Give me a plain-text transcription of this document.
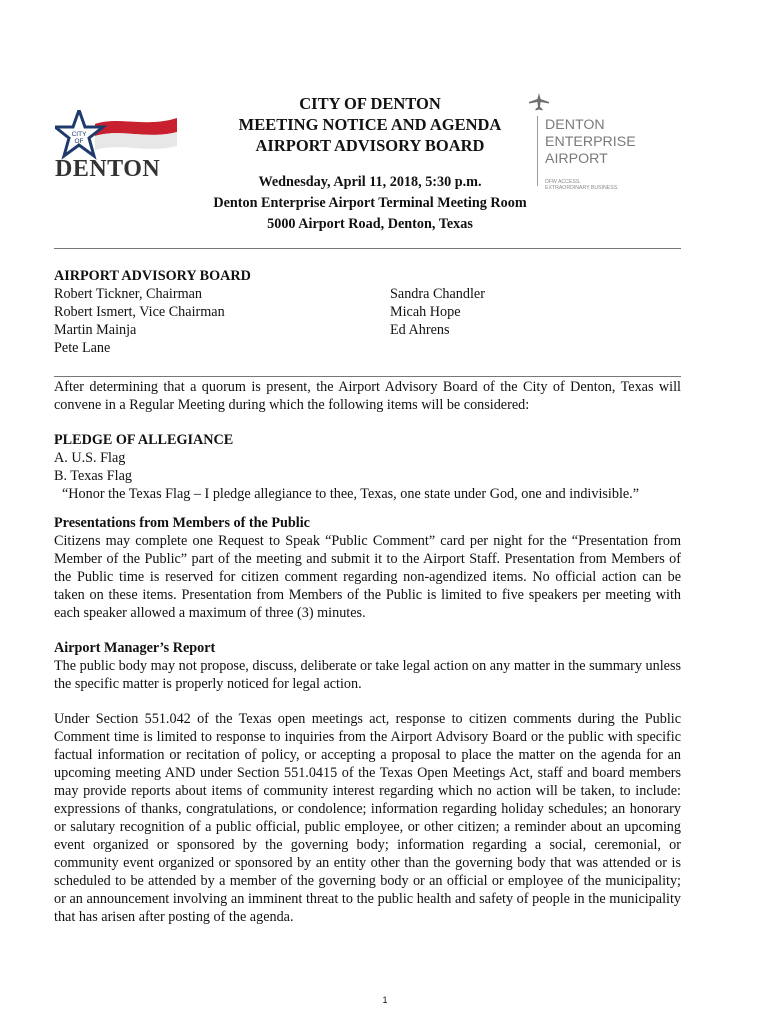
CITY
OF
DENTON
CITY OF DENTON
MEETING NOTICE AND AGENDA
AIRPORT ADVISORY BOARD
DENTON
ENTERPRISE
AIRPORT
DFW ACCESS.
EXTRAORDINARY BUSINESS.
Wednesday, April 11, 2018, 5:30 p.m.
Denton Enterprise Airport Terminal Meeting Room
5000 Airport Road, Denton, Texas
AIRPORT ADVISORY BOARD
Robert Tickner, Chairman
Robert Ismert, Vice Chairman
Martin Mainja
Pete Lane
Sandra Chandler
Micah Hope
Ed Ahrens
After determining that a quorum is present, the Airport Advisory Board of the City of Denton, Texas will convene in a Regular Meeting during which the following items will be considered:
PLEDGE OF ALLEGIANCE
A. U.S. Flag
B. Texas Flag
“Honor the Texas Flag – I pledge allegiance to thee, Texas, one state under God, one and indivisible.”
Presentations from Members of the Public
Citizens may complete one Request to Speak “Public Comment” card per night for the “Presentation from Member of the Public” part of the meeting and submit it to the Airport Staff. Presentation from Members of the Public time is reserved for citizen comment regarding non-agendized items. No official action can be taken on these items. Presentation from Members of the Public is limited to five speakers per meeting with each speaker allowed a maximum of three (3) minutes.
Airport Manager’s Report
The public body may not propose, discuss, deliberate or take legal action on any matter in the summary unless the specific matter is properly noticed for legal action.
Under Section 551.042 of the Texas open meetings act, response to citizen comments during the Public Comment time is limited to response to inquiries from the Airport Advisory Board or the public with specific factual information or recitation of policy, or accepting a proposal to place the matter on the agenda for an upcoming meeting AND under Section 551.0415 of the Texas Open Meetings Act, staff and board members may provide reports about items of community interest regarding which no action will be taken, to include: expressions of thanks, congratulations, or condolence; information regarding holiday schedules; an honorary or salutary recognition of a public official, public employee, or other citizen; a reminder about an upcoming event organized or sponsored by the governing body; information regarding a social, ceremonial, or community event organized or sponsored by an entity other than the governing body that was attended or is scheduled to be attended by a member of the governing body or an official or employee of the municipality; or an announcement involving an imminent threat to the public health and safety of people in the municipality that has arisen after posting of the agenda.
1
